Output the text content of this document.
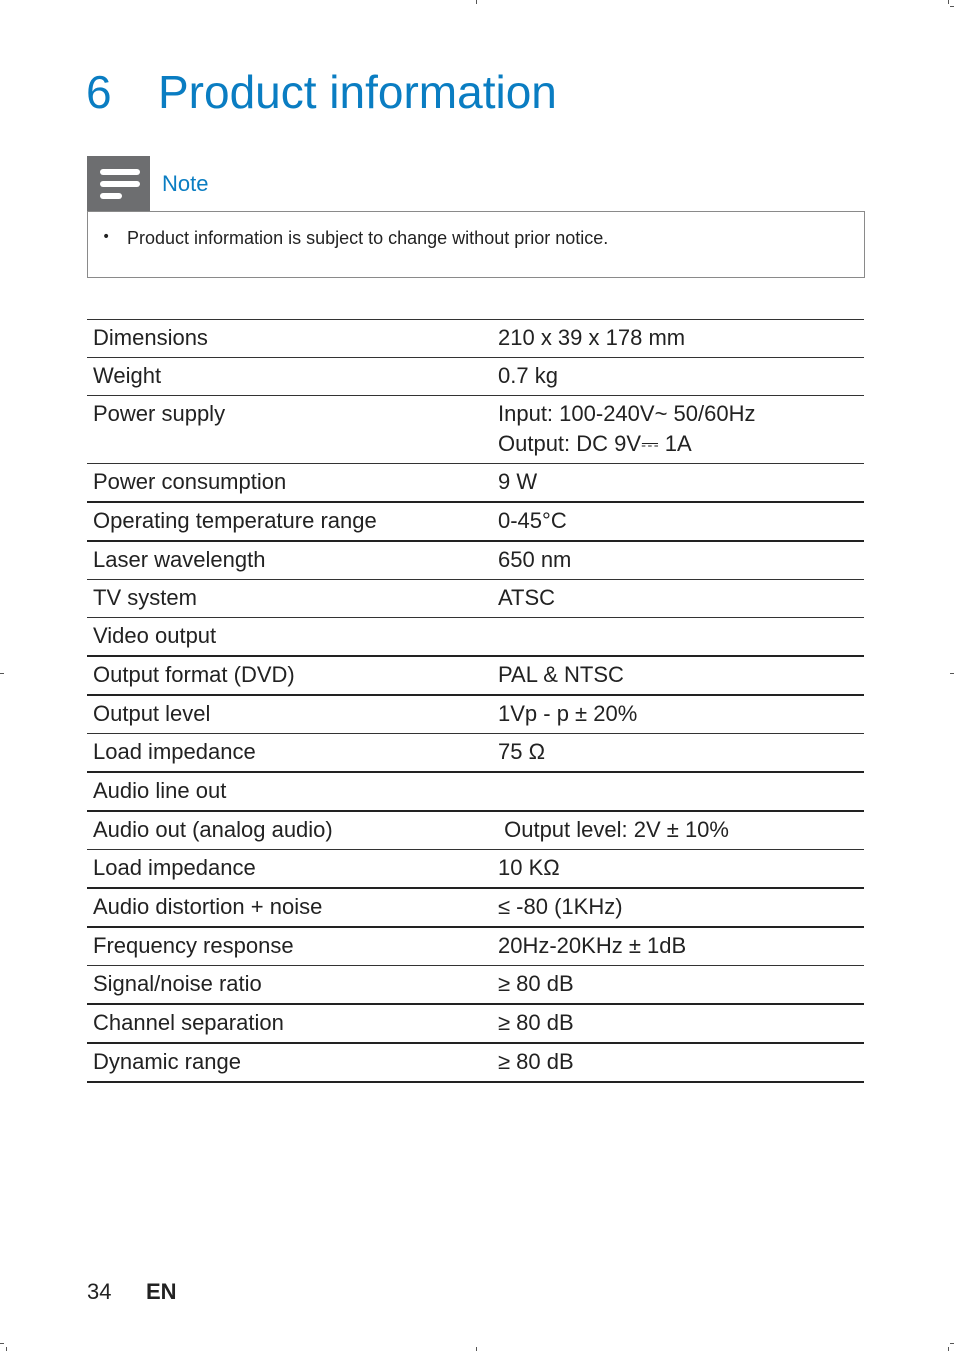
6 Product information
Note
• Product information is subject to change without prior notice.
Dimensions	210 x 39 x 178 mm

Weight	0.7 kg

Power supply	Input: 100-240V~ 50/60Hz
Output: DC 9V⎓ 1A

Power consumption	9 W

Operating temperature range	0-45°C

Laser wavelength	650 nm

TV system	ATSC

Video output	

Output format (DVD)	PAL & NTSC

Output level	1Vp - p ± 20%

Load impedance	75 Ω

Audio line out	

Audio out (analog audio)	Output level: 2V ± 10%

Load impedance	10 KΩ

Audio distortion + noise	≤ -80 (1KHz)

Frequency response	20Hz-20KHz ± 1dB

Signal/noise ratio	≥ 80 dB

Channel separation	≥ 80 dB

Dynamic range	≥ 80 dB
34 EN
